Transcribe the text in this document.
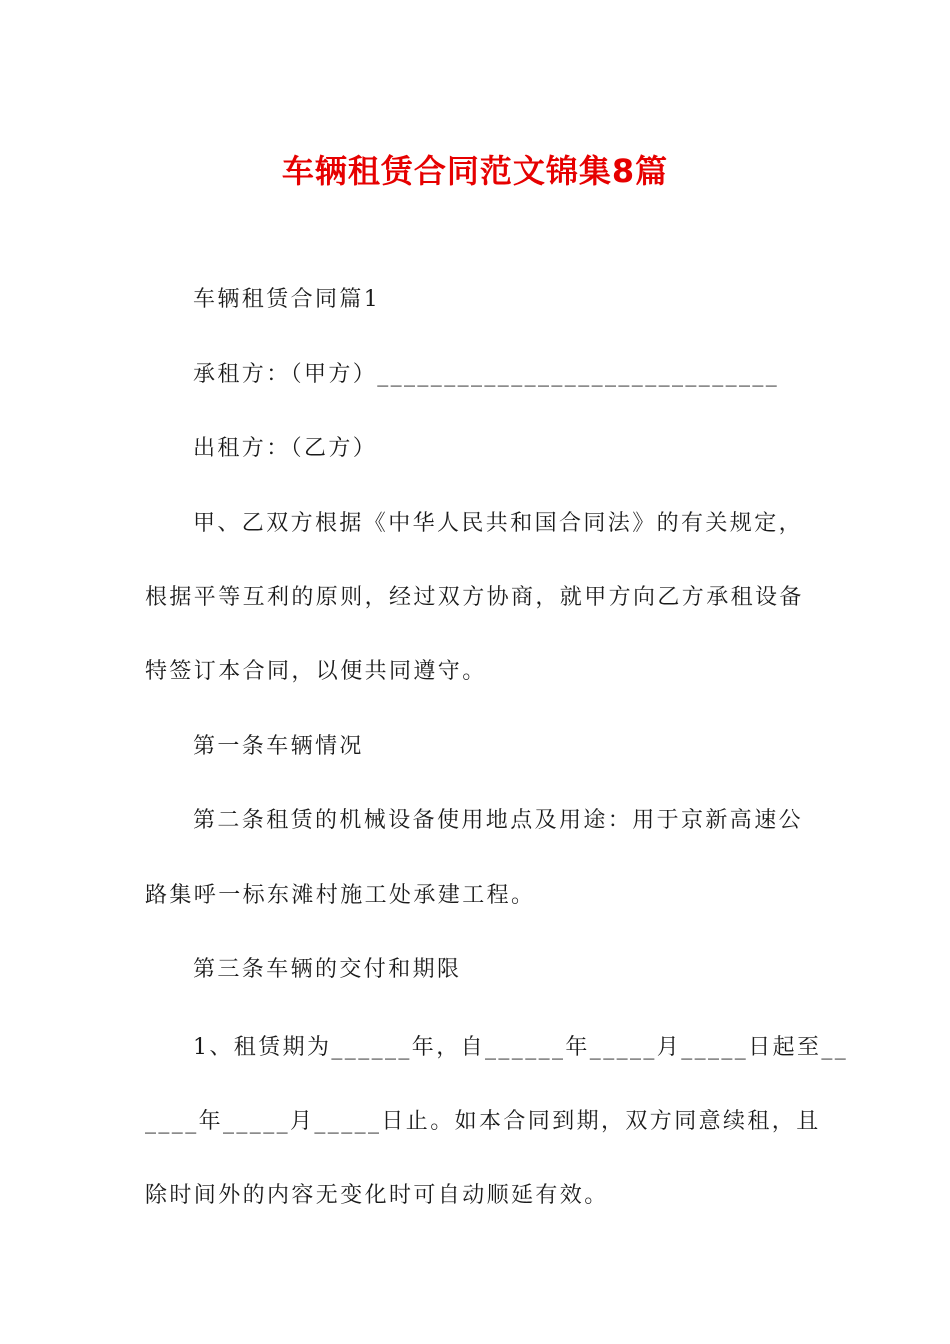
车辆租赁合同范文锦集8篇

车辆租赁合同篇1

承租方：（甲方）______________________________

出租方：（乙方）

甲、乙双方根据《中华人民共和国合同法》的有关规定，

根据平等互利的原则，经过双方协商，就甲方向乙方承租设备

特签订本合同，以便共同遵守。

第一条车辆情况

第二条租赁的机械设备使用地点及用途：用于京新高速公

路集呼一标东滩村施工处承建工程。

第三条车辆的交付和期限

1、租赁期为______年，自______年_____月_____日起至__

____年_____月_____日止。如本合同到期，双方同意续租，且

除时间外的内容无变化时可自动顺延有效。
